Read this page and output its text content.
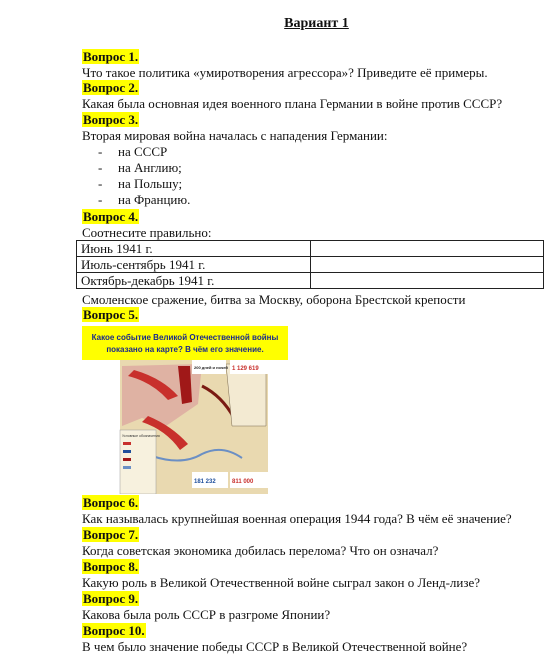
Вариант 1
Вопрос 1.
Что такое политика «умиротворения агрессора»? Приведите её примеры.
Вопрос 2.
Какая была основная идея военного плана Германии в войне против СССР?
Вопрос 3.
Вторая мировая война началась с нападения Германии:
- на СССР
- на Англию;
- на Польшу;
- на Францию.
Вопрос 4.
Соотнесите правильно:
Июнь 1941 г.	
Июль-сентябрь 1941 г.	
Октябрь-декабрь 1941 г.	
Смоленское сражение, битва за Москву, оборона Брестской крепости
Вопрос 5.
Какое событие Великой Отечественной войны
показано на карте? В чём его значение.
Условные обозначения
200 дней и ночей 1 129 619
181 232	811 000
Вопрос 6.
Как называлась крупнейшая военная операция 1944 года? В чём её значение?
Вопрос 7.
Когда советская экономика добилась перелома? Что он означал?
Вопрос 8.
Какую роль в Великой Отечественной войне сыграл закон о Ленд-лизе?
Вопрос 9.
Какова была роль СССР в разгроме Японии?
Вопрос 10.
В чем было значение победы СССР в Великой Отечественной войне?
